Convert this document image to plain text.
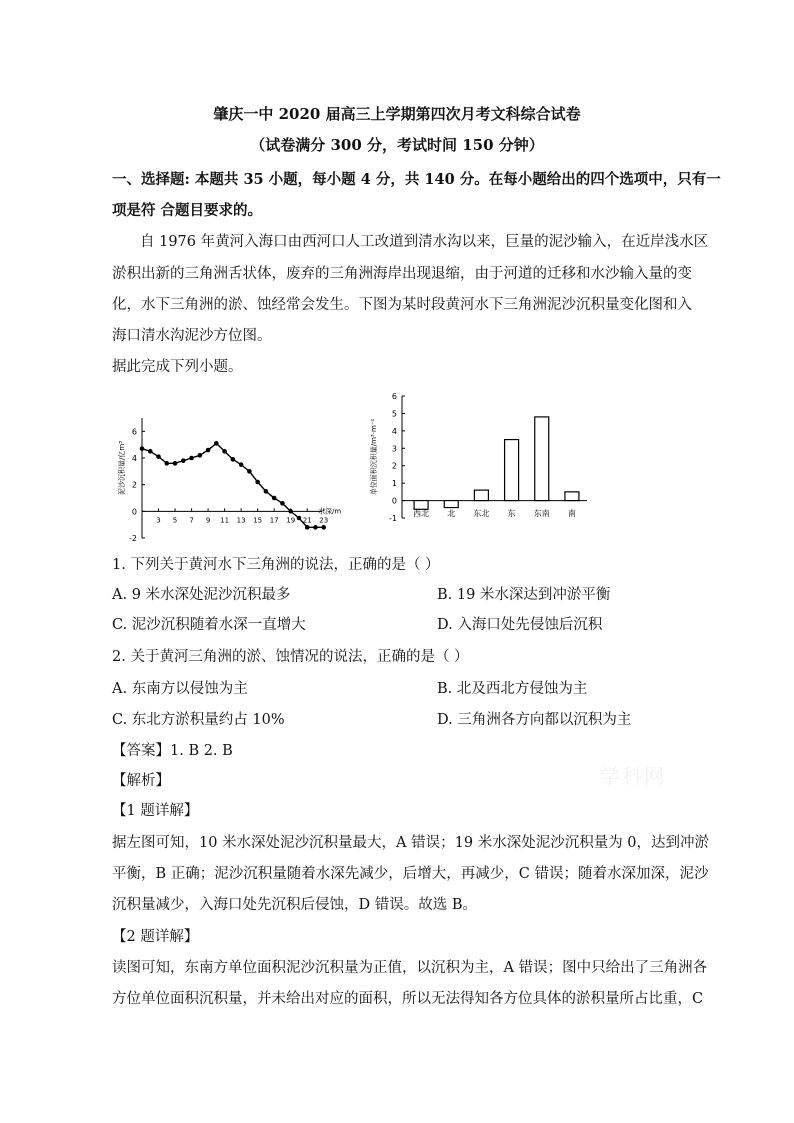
肇庆一中 2020 届高三上学期第四次月考文科综合试卷
（试卷满分 300 分，考试时间 150 分钟）
一、选择题: 本题共 35 小题，每小题 4 分，共 140 分。在每小题给出的四个选项中，只有一
项是符 合题目要求的。
自 1976 年黄河入海口由西河口人工改道到清水沟以来，巨量的泥沙输入，在近岸浅水区
淤积出新的三角洲舌状体，废弃的三角洲海岸出现退缩，由于河道的迁移和水沙输入量的变
化，水下三角洲的淤、蚀经常会发生。下图为某时段黄河水下三角洲泥沙沉积量变化图和入
海口清水沟泥沙方位图。
据此完成下列小题。
6
4
2
0
-2
3 5 7 9 11 13 15 17 19 21 23
水深/m
泥沙沉积量/亿m³
6
5
4
3
2
1
0
-1
单位面积沉积量/m³·m⁻²
西北 北 东北 东 东南 南
1. 下列关于黄河水下三角洲的说法，正确的是（ ）
A. 9 米水深处泥沙沉积最多	B. 19 米水深达到冲淤平衡
C. 泥沙沉积随着水深一直增大	D. 入海口处先侵蚀后沉积
2. 关于黄河三角洲的淤、蚀情况的说法，正确的是（ ）
A. 东南方以侵蚀为主	B. 北及西北方侵蚀为主
C. 东北方淤积量约占 10%	D. 三角洲各方向都以沉积为主
【答案】1. B 2. B
【解析】
【1 题详解】
据左图可知，10 米水深处泥沙沉积量最大，A 错误；19 米水深处泥沙沉积量为 0，达到冲淤
平衡，B 正确；泥沙沉积量随着水深先减少，后增大，再减少，C 错误；随着水深加深，泥沙
沉积量减少，入海口处先沉积后侵蚀，D 错误。故选 B。
【2 题详解】
读图可知，东南方单位面积泥沙沉积量为正值，以沉积为主，A 错误；图中只给出了三角洲各
方位单位面积沉积量，并未给出对应的面积，所以无法得知各方位具体的淤积量所占比重，C
学科网
